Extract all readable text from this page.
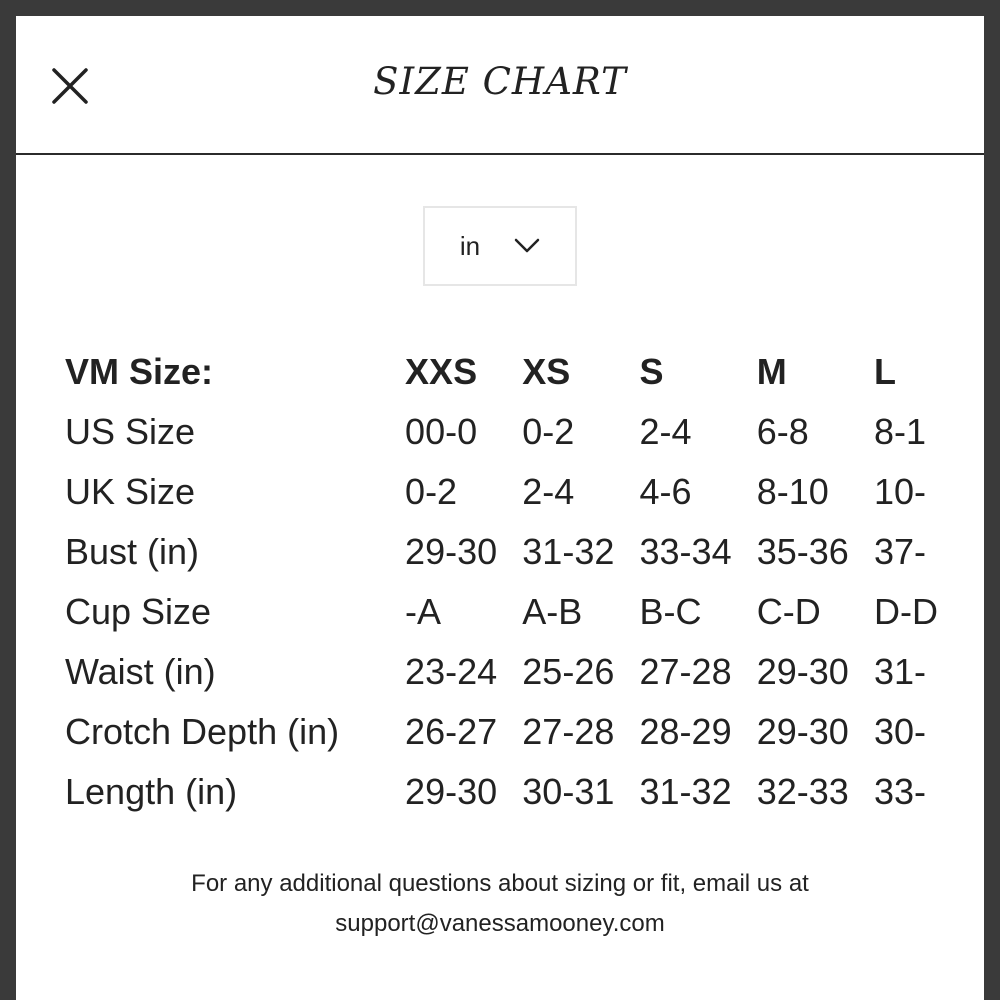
SIZE CHART
in
VM Size:	XXS	XS	S	M	L
US Size	00-0	0-2	2-4	6-8	8-1
UK Size	0-2	2-4	4-6	8-10	10-
Bust (in)	29-30	31-32	33-34	35-36	37-
Cup Size	-A	A-B	B-C	C-D	D-D
Waist (in)	23-24	25-26	27-28	29-30	31-
Crotch Depth (in)	26-27	27-28	28-29	29-30	30-
Length (in)	29-30	30-31	31-32	32-33	33-
For any additional questions about sizing or fit, email us at
support@vanessamooney.com
